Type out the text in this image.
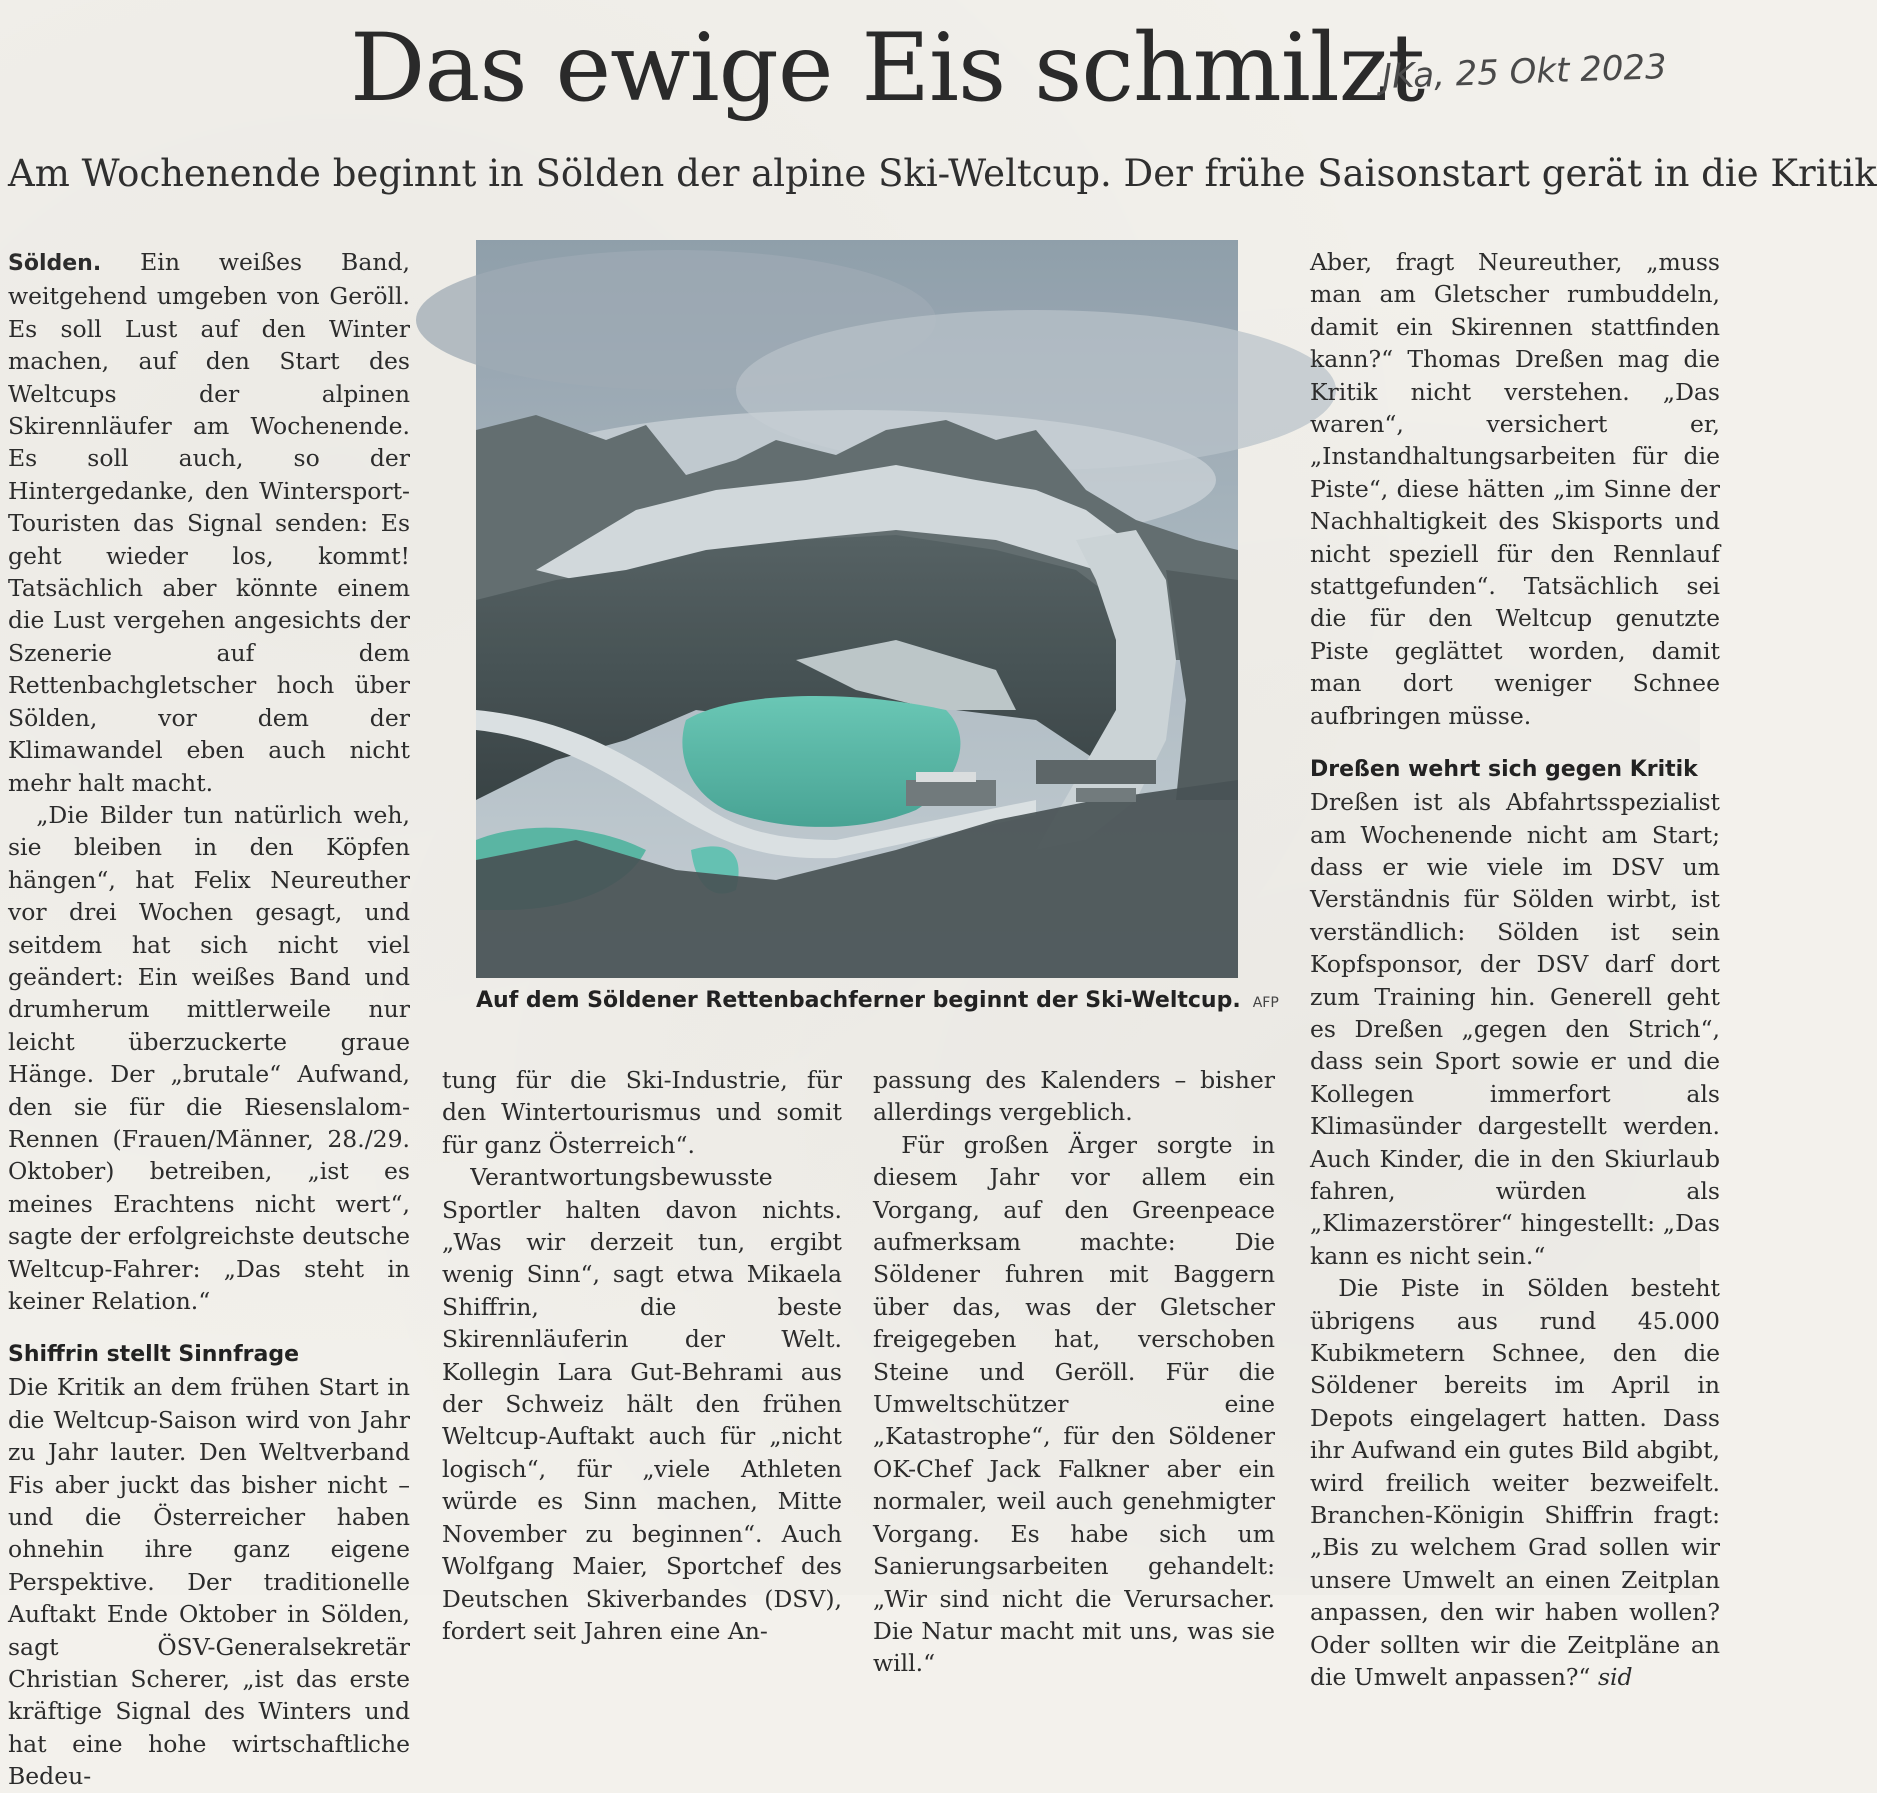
Das ewige Eis schmilzt
JKa, 25 Okt 2023
Am Wochenende beginnt in Sölden der alpine Ski-Weltcup. Der frühe Saisonstart gerät in die Kritik

Sölden. Ein weißes Band, weitgehend umgeben von Geröll. Es soll Lust auf den Winter machen, auf den Start des Weltcups der alpinen Skirennläufer am Wochenende. Es soll auch, so der Hintergedanke, den Wintersport-Touristen das Signal senden: Es geht wieder los, kommt! Tatsächlich aber könnte einem die Lust vergehen angesichts der Szenerie auf dem Rettenbachgletscher hoch über Sölden, vor dem der Klimawandel eben auch nicht mehr halt macht.

„Die Bilder tun natürlich weh, sie bleiben in den Köpfen hängen“, hat Felix Neureuther vor drei Wochen gesagt, und seitdem hat sich nicht viel geändert: Ein weißes Band und drumherum mittlerweile nur leicht überzuckerte graue Hänge. Der „brutale“ Aufwand, den sie für die Riesenslalom-Rennen (Frauen/Männer, 28./29. Oktober) betreiben, „ist es meines Erachtens nicht wert“, sagte der erfolgreichste deutsche Weltcup-Fahrer: „Das steht in keiner Relation.“

Shiffrin stellt Sinnfrage

Die Kritik an dem frühen Start in die Weltcup-Saison wird von Jahr zu Jahr lauter. Den Weltverband Fis aber juckt das bisher nicht – und die Österreicher haben ohnehin ihre ganz eigene Perspektive. Der traditionelle Auftakt Ende Oktober in Sölden, sagt ÖSV-Generalsekretär Christian Scherer, „ist das erste kräftige Signal des Winters und hat eine hohe wirtschaftliche Bedeu-

Auf dem Söldener Rettenbachferner beginnt der Ski-Weltcup. AFP

tung für die Ski-Industrie, für den Wintertourismus und somit für ganz Österreich“.

Verantwortungsbewusste Sportler halten davon nichts. „Was wir derzeit tun, ergibt wenig Sinn“, sagt etwa Mikaela Shiffrin, die beste Skirennläuferin der Welt. Kollegin Lara Gut-Behrami aus der Schweiz hält den frühen Weltcup-Auftakt auch für „nicht logisch“, für „viele Athleten würde es Sinn machen, Mitte November zu beginnen“. Auch Wolfgang Maier, Sportchef des Deutschen Skiverbandes (DSV), fordert seit Jahren eine An-

passung des Kalenders – bisher allerdings vergeblich.

Für großen Ärger sorgte in diesem Jahr vor allem ein Vorgang, auf den Greenpeace aufmerksam machte: Die Söldener fuhren mit Baggern über das, was der Gletscher freigegeben hat, verschoben Steine und Geröll. Für die Umweltschützer eine „Katastrophe“, für den Söldener OK-Chef Jack Falkner aber ein normaler, weil auch genehmigter Vorgang. Es habe sich um Sanierungsarbeiten gehandelt: „Wir sind nicht die Verursacher. Die Natur macht mit uns, was sie will.“

Aber, fragt Neureuther, „muss man am Gletscher rumbuddeln, damit ein Skirennen stattfinden kann?“ Thomas Dreßen mag die Kritik nicht verstehen. „Das waren“, versichert er, „Instandhaltungsarbeiten für die Piste“, diese hätten „im Sinne der Nachhaltigkeit des Skisports und nicht speziell für den Rennlauf stattgefunden“. Tatsächlich sei die für den Weltcup genutzte Piste geglättet worden, damit man dort weniger Schnee aufbringen müsse.

Dreßen wehrt sich gegen Kritik

Dreßen ist als Abfahrtsspezialist am Wochenende nicht am Start; dass er wie viele im DSV um Verständnis für Sölden wirbt, ist verständlich: Sölden ist sein Kopfsponsor, der DSV darf dort zum Training hin. Generell geht es Dreßen „gegen den Strich“, dass sein Sport sowie er und die Kollegen immerfort als Klimasünder dargestellt werden. Auch Kinder, die in den Skiurlaub fahren, würden als „Klimazerstörer“ hingestellt: „Das kann es nicht sein.“

Die Piste in Sölden besteht übrigens aus rund 45.000 Kubikmetern Schnee, den die Söldener bereits im April in Depots eingelagert hatten. Dass ihr Aufwand ein gutes Bild abgibt, wird freilich weiter bezweifelt. Branchen-Königin Shiffrin fragt: „Bis zu welchem Grad sollen wir unsere Umwelt an einen Zeitplan anpassen, den wir haben wollen? Oder sollten wir die Zeitpläne an die Umwelt anpassen?“ sid
